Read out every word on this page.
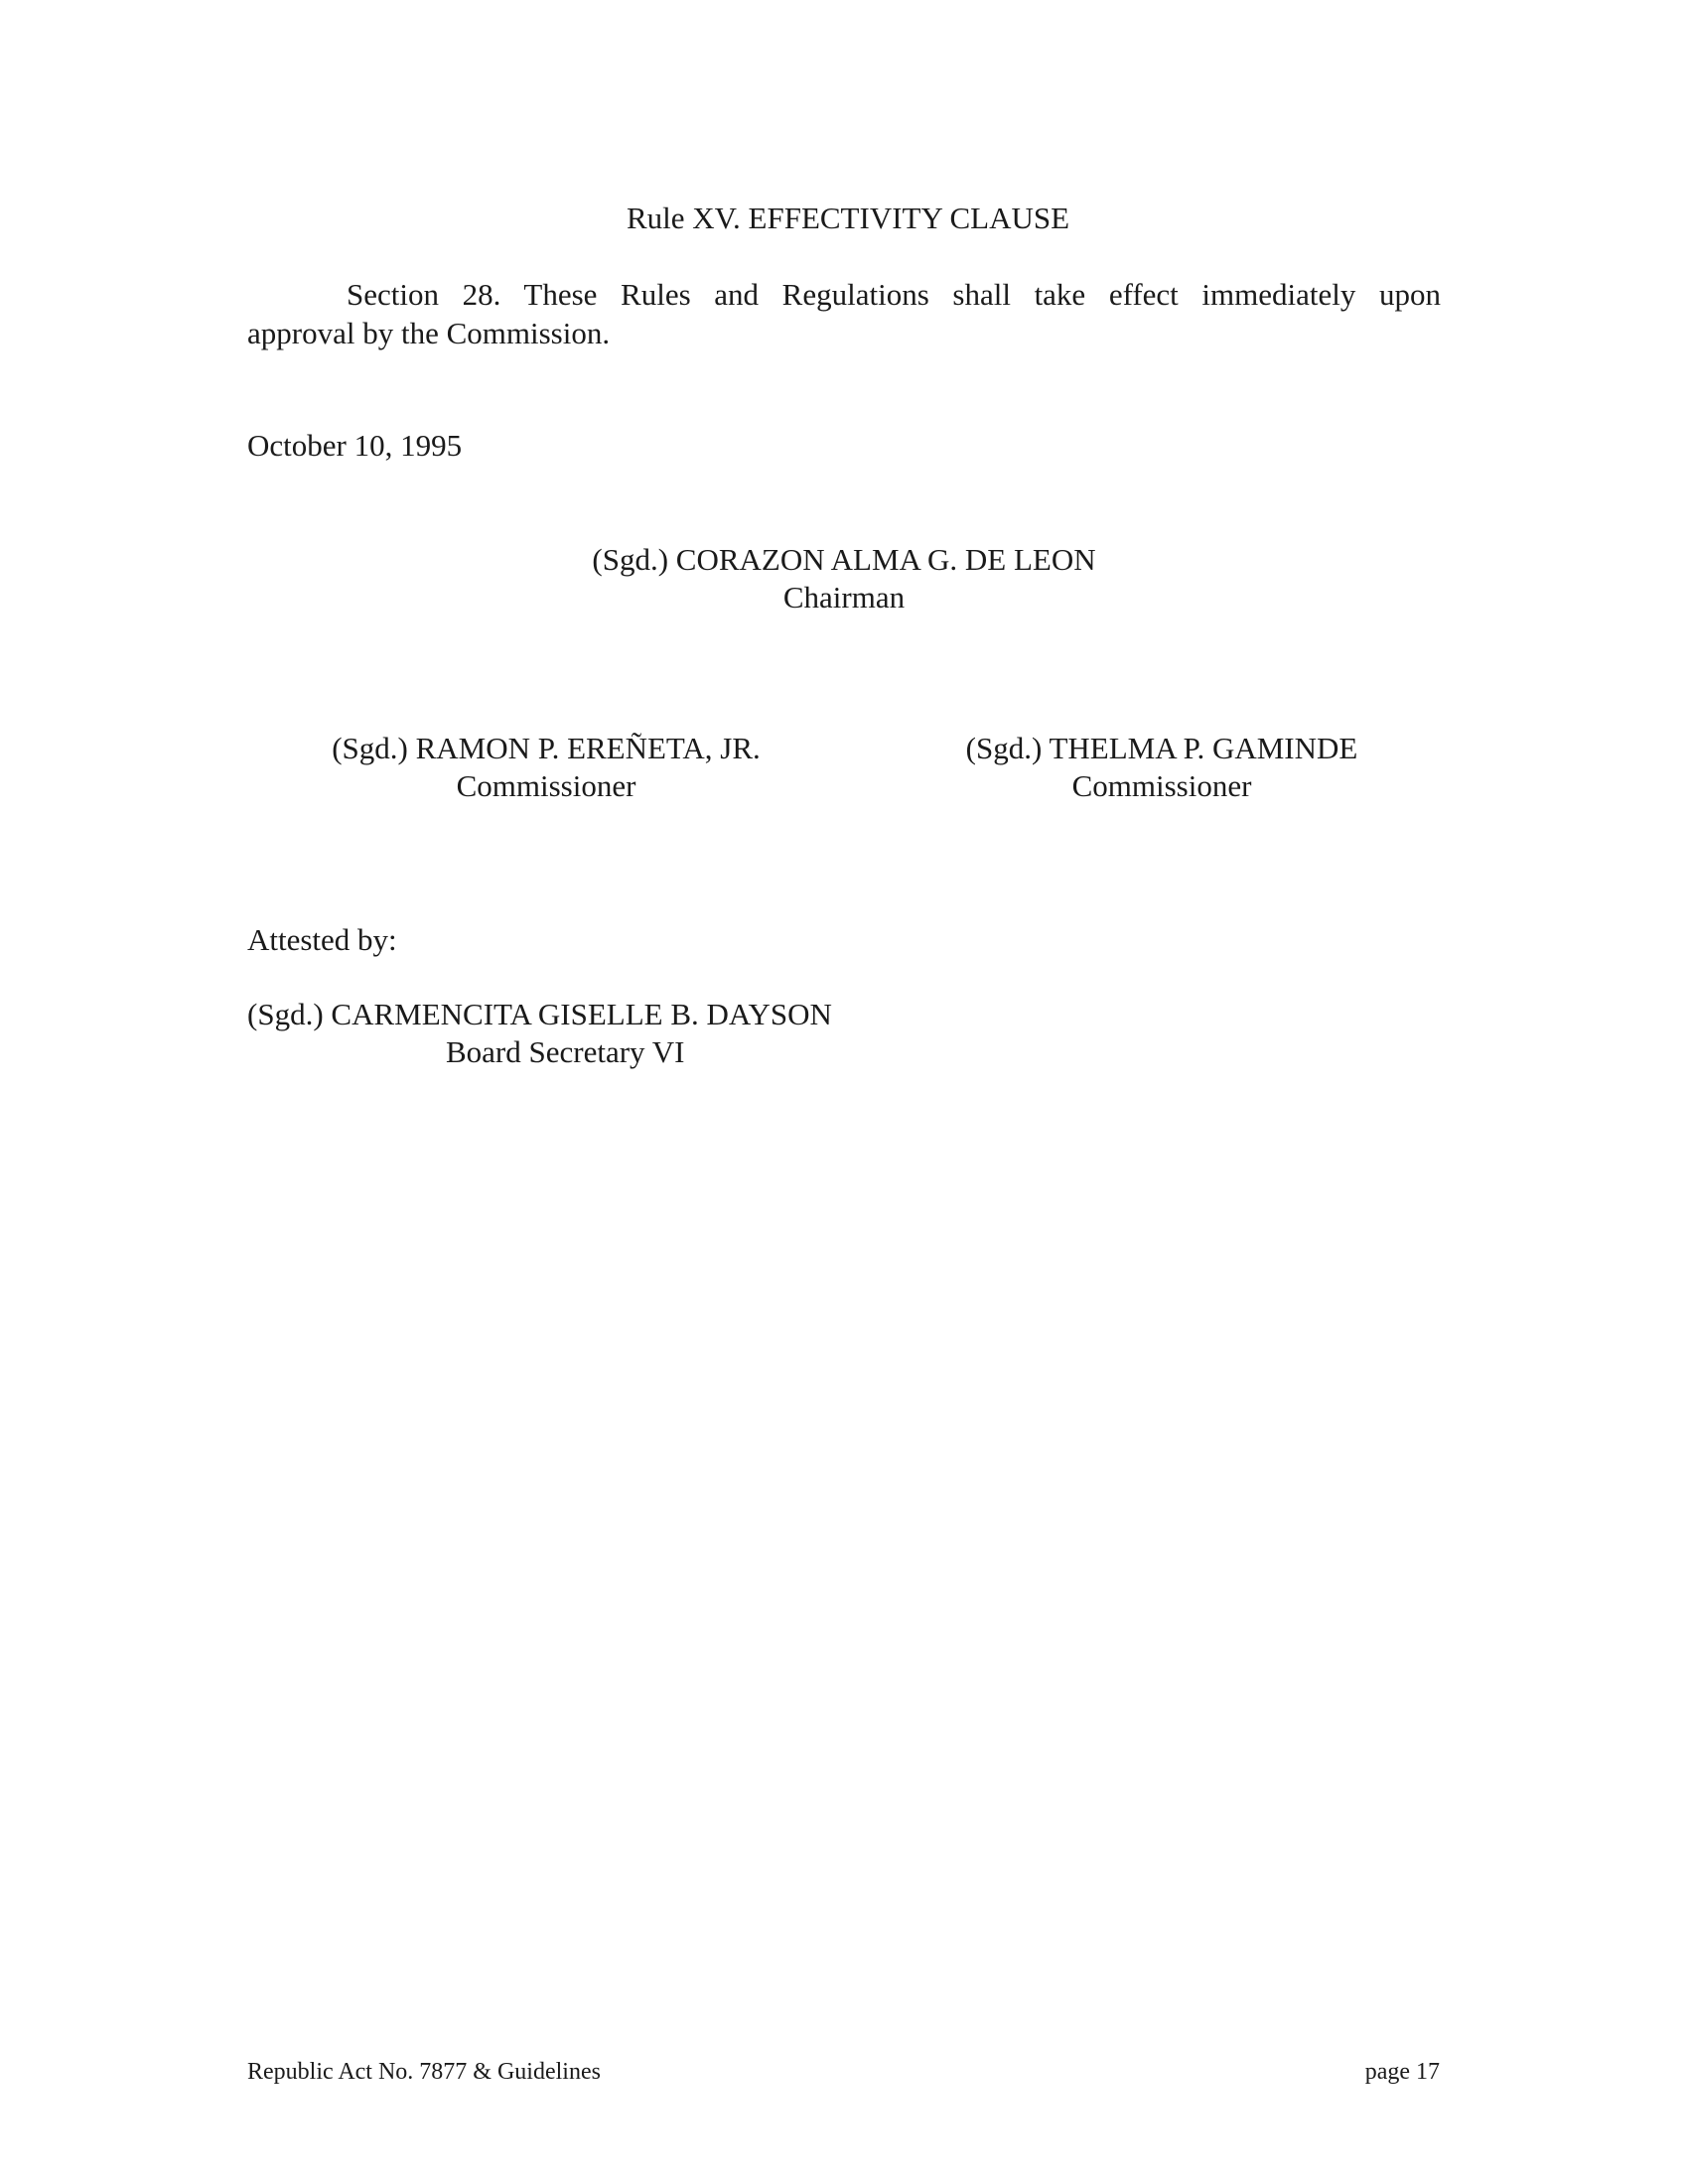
Rule XV. EFFECTIVITY CLAUSE

Section 28. These Rules and Regulations shall take effect immediately upon
approval by the Commission.

October 10, 1995

(Sgd.) CORAZON ALMA G. DE LEON
Chairman
(Sgd.) RAMON P. EREÑETA, JR.
Commissioner
(Sgd.) THELMA P. GAMINDE
Commissioner

Attested by:

(Sgd.) CARMENCITA GISELLE B. DAYSON
Board Secretary VI
Republic Act No. 7877 & Guidelines	page 17
